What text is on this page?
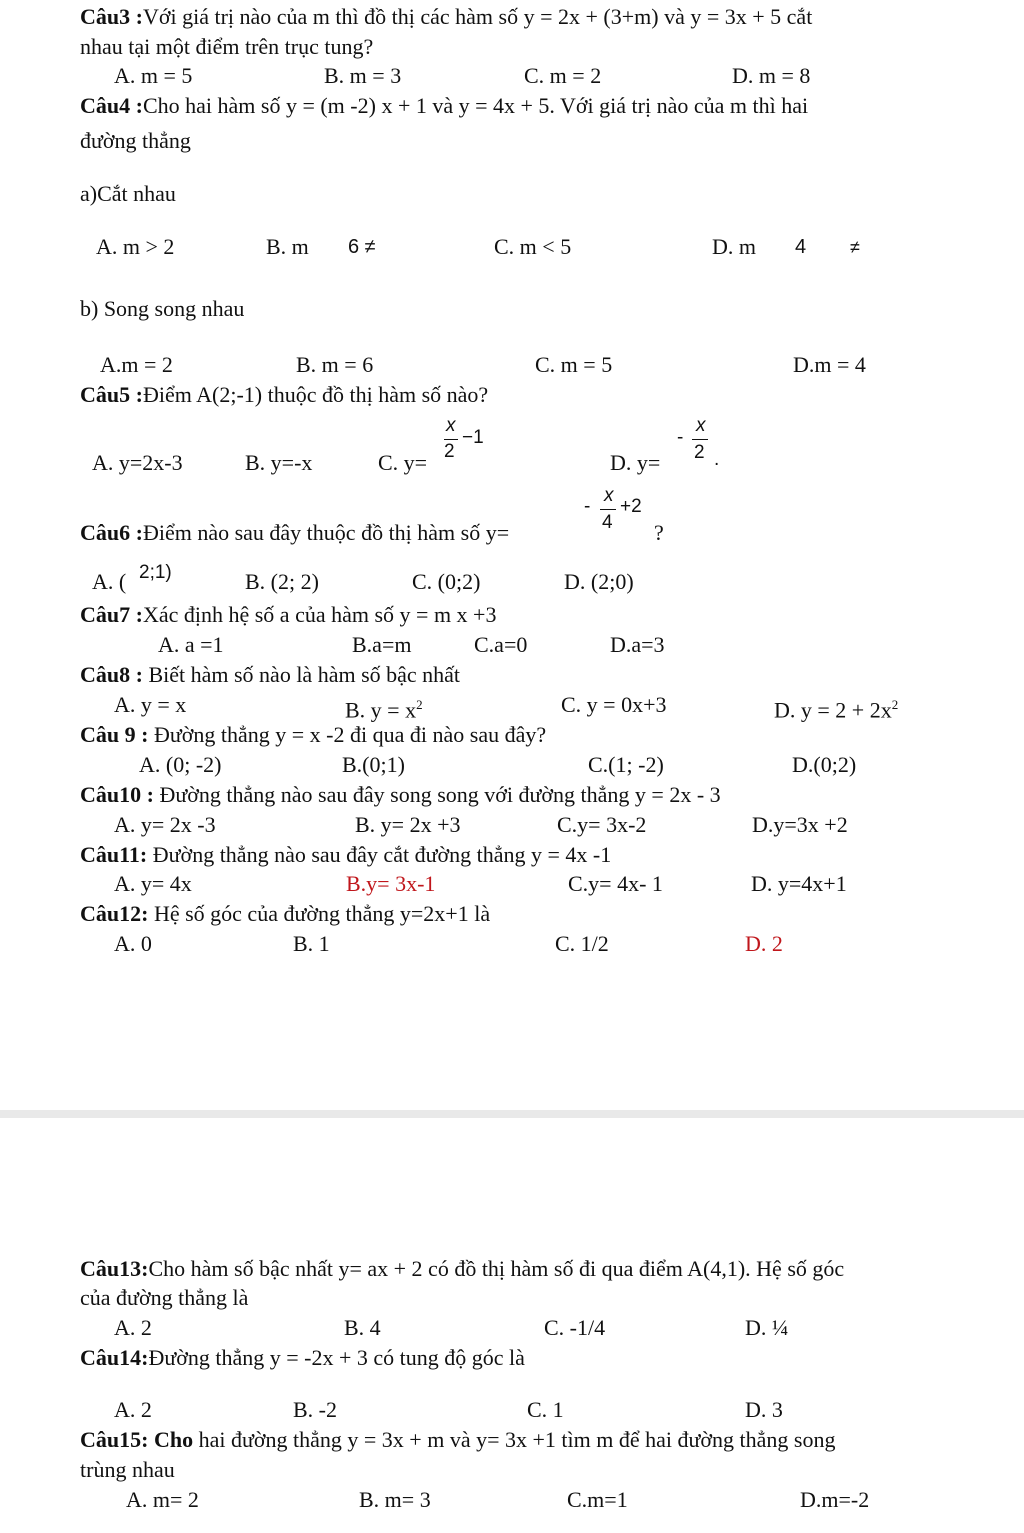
Câu3 :Với giá trị nào của m thì đồ thị các hàm số y = 2x + (3+m) và y = 3x + 5 cắt
nhau tại một điểm trên trục tung?
A. m = 5	B. m = 3	C. m = 2	D. m = 8
Câu4 :Cho hai hàm số y = (m -2) x + 1 và y = 4x + 5. Với giá trị nào của m thì hai
đường thẳng
a)Cắt nhau
A. m > 2	B. m 6 ≠	C. m < 5	D. m 4 ≠
b) Song song nhau
A.m = 2	B. m = 6	C. m = 5	D.m = 4
Câu5 :Điểm A(2;-1) thuộc đồ thị hàm số nào?
A. y=2x-3	B. y=-x	C. y=
x
2
−1
D. y=
-
x
2 .
Câu6 :Điểm nào sau đây thuộc đồ thị hàm số y=
-
x
4
+2
?
A. ( 2;1)	B. (2; 2)	C. (0;2)	D. (2;0)
Câu7 :Xác định hệ số a của hàm số y = m x +3
A. a =1	B.a=m	C.a=0	D.a=3
Câu8 : Biết hàm số nào là hàm số bậc nhất
A. y = x	B. $y = x^2$	C. y = 0x+3	D. $y = 2 + 2x^2$
Câu 9 : Đường thẳng y = x -2 đi qua đi nào sau đây?
A. (0; -2)	B.(0;1)	C.(1; -2)	D.(0;2)
Câu10 : Đường thẳng nào sau đây song song với đường thẳng y = 2x - 3
A. y= 2x -3	B. y= 2x +3	C.y= 3x-2	D.y=3x +2
Câu11: Đường thẳng nào sau đây cắt đường thẳng y = 4x -1
A. y= 4x	B.y= 3x-1	C.y= 4x- 1	D. y=4x+1
Câu12: Hệ số góc của đường thẳng y=2x+1 là
A. 0	B. 1	C. 1/2	D. 2
Câu13:Cho hàm số bậc nhất y= ax + 2 có đồ thị hàm số đi qua điểm A(4,1). Hệ số góc
của đường thẳng là
A. 2	B. 4	C. -1/4	D. ¼
Câu14:Đường thẳng y = -2x + 3 có tung độ góc là
A. 2	B. -2	C. 1	D. 3
Câu15: Cho hai đường thẳng y = 3x + m và y= 3x +1 tìm m để hai đường thẳng song
trùng nhau
A. m= 2	B. m= 3	C.m=1	D.m=-2
